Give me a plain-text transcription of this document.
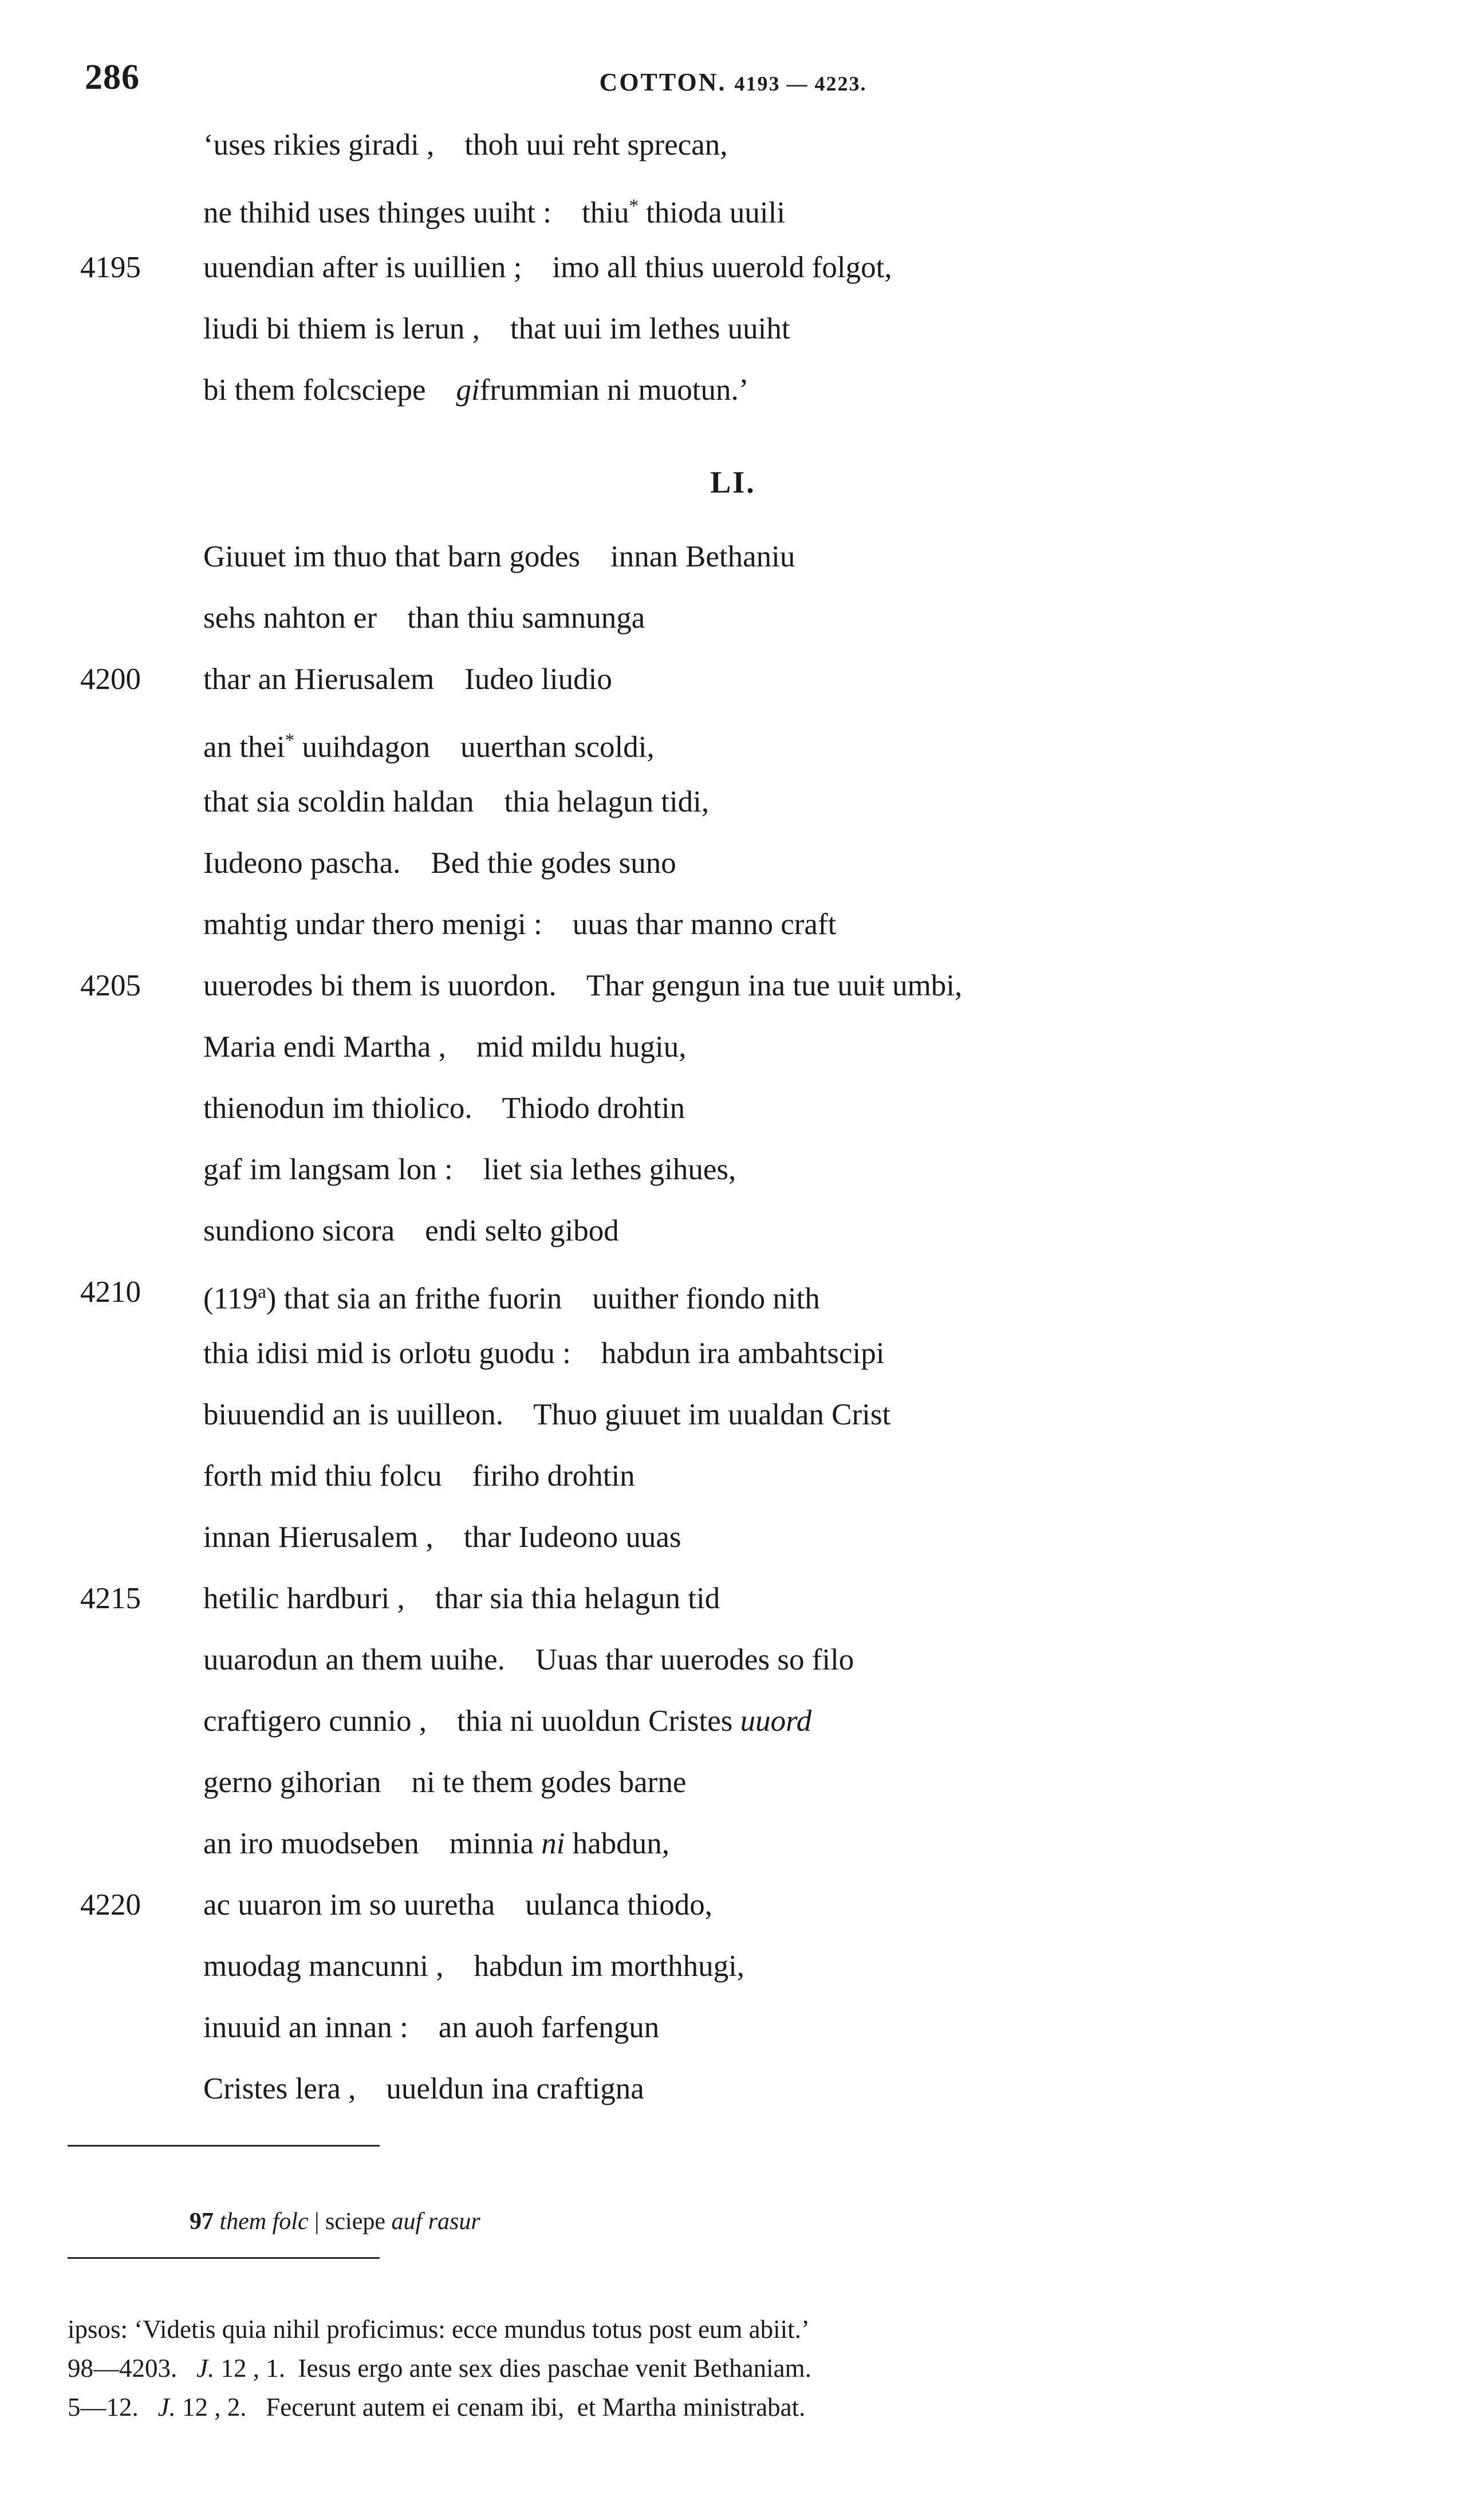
286	COTTON. 4193 — 4223.
‘uses rikies giradi ,    thoh uui reht sprecan,
ne thihid uses thinges uuiht :    thiu* thioda uuili
4195	uuendian after is uuillien ;    imo all thius uuerold folgot,
liudi bi thiem is lerun ,    that uui im lethes uuiht
bi them folcsciepe    gifrummian ni muotun.’
LI.
Giuuet im thuo that barn godes    innan Bethaniu
sehs nahton er    than thiu samnunga
4200	thar an Hierusalem    Iudeo liudio
an thei* uuihdagon    uuerthan scoldi,
that sia scoldin haldan    thia helagun tidi,
Iudeono pascha.    Bed thie godes suno
mahtig undar thero menigi :    uuas thar manno craft
4205	uuerodes bi them is uuordon.    Thar gengun ina tue uuiŧ umbi,
Maria endi Martha ,    mid mildu hugiu,
thienodun im thiolico.    Thiodo drohtin
gaf im langsam lon :    liet sia lethes gihues,
sundiono sicora    endi selŧo gibod
4210	(119$^a$) that sia an frithe fuorin    uuither fiondo nith
thia idisi mid is orloŧu guodu :    habdun ira ambahtscipi
biuuendid an is uuilleon.    Thuo giuuet im uualdan Crist
forth mid thiu folcu    firiho drohtin
innan Hierusalem ,    thar Iudeono uuas
4215	hetilic hardburi ,    thar sia thia helagun tid
uuarodun an them uuihe.    Uuas thar uuerodes so filo
craftigero cunnio ,    thia ni uuoldun Cristes uuord
gerno gihorian    ni te them godes barne
an iro muodseben    minnia ni habdun,
4220	ac uuaron im so uuretha    uulanca thiodo,
muodag mancunni ,    habdun im morthhugi,
inuuid an innan :    an auoh farfengun
Cristes lera ,    uueldun ina craftigna

97 them folc | sciepe auf rasur

ipsos: ‘Videtis quia nihil proficimus: ecce mundus totus post eum abiit.’
98—4203.   J. 12 , 1.  Iesus ergo ante sex dies paschae venit Bethaniam.
5—12.   J. 12 , 2.   Fecerunt autem ei cenam ibi,  et Martha ministrabat.
